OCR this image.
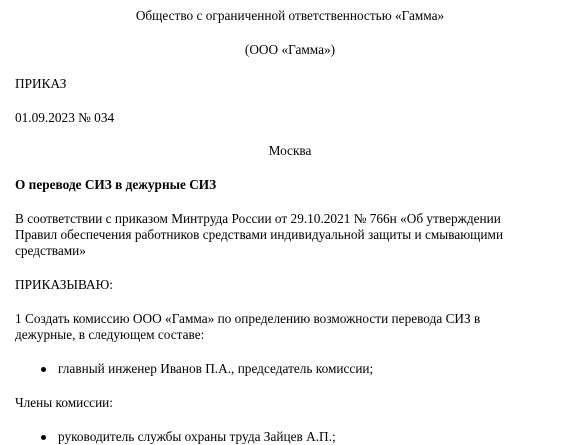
Общество с ограниченной ответственностью «Гамма»
(ООО «Гамма»)
ПРИКАЗ
01.09.2023 № 034
Москва
О переводе СИЗ в дежурные СИЗ
В соответствии с приказом Минтруда России от 29.10.2021 № 766н «Об утверждении
Правил обеспечения работников средствами индивидуальной защиты и смывающими
средствами»
ПРИКАЗЫВАЮ:
1 Создать комиссию ООО «Гамма» по определению возможности перевода СИЗ в
дежурные, в следующем составе:
главный инженер Иванов П.А., председатель комиссии;
Члены комиссии:
руководитель службы охраны труда Зайцев А.П.;
